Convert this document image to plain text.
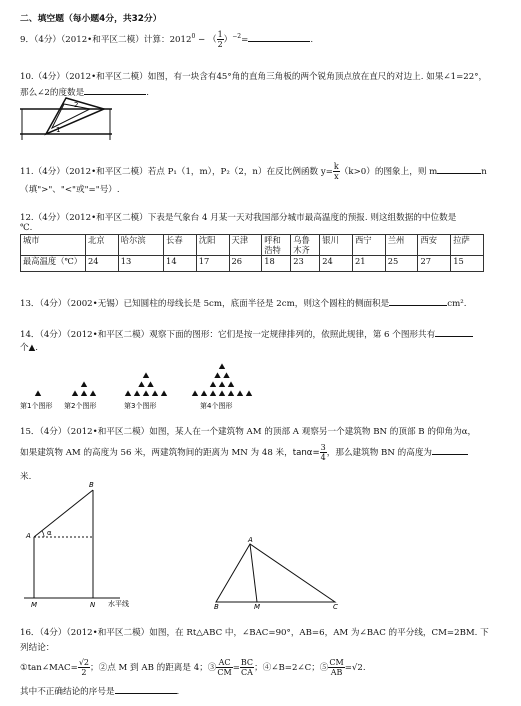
二、填空题（每小题4分，共32分）
9．（4分）（2012•和平区二模）计算：$2012^0$ − （ $\frac{1}{2} )^{-2}=$	.
10.（4分）（2012•和平区二模）如图，有一块含有45°角的直角三角板的两个锐角顶点放在直尺的对边上. 如果∠1=22°，
那么∠2的度数是	.
2
1
11.（4分）（2012•和平区二模）若点 P₁（1，m），P₂（2，n）在反比例函数 $y= \frac{k}{x} (k>0)$的图象上，则 m	n
（填">"、"<"或"="号）.
12.（4分）（2012•和平区二模）下表是气象台 4 月某一天对我国部分城市最高温度的预报. 则这组数据的中位数是
℃.
城市	北京	哈尔滨	长春	沈阳	天津	呼和浩特	乌鲁木齐	银川	西宁	兰州	西安	拉萨
最高温度（℃）	24	13	14	17	26	18	23	24	21	25	27	15
13．（4分）（2002•无锡）已知圆柱的母线长是 5cm，底面半径是 2cm，则这个圆柱的侧面积是	cm².
14．（4分）（2012•和平区二模）观察下面的图形：它们是按一定规律排列的，依照此规律，第 6 个图形共有
个▲.
第1个图形 第2个图形	第3个图形	第4个图形
15．（4分）（2012•和平区二模）如图，某人在一个建筑物 AM 的顶部 A 观察另一个建筑物 BN 的顶部 B 的仰角为α，
如果建筑物 AM 的高度为 56 米，两建筑物间的距离为 MN 为 48 米，$\tan\alpha= \frac{3}{4}$ ，那么建筑物 BN 的高度为
米.
B
A α
M	N 水平线
A
B	M	C
16．（4分）（2012•和平区二模）如图，在 Rt△ABC 中，∠BAC=90°，AB=6，AM 为∠BAC 的平分线，CM=2BM. 下
列结论：
①tan∠MAC= $\frac{√2}{2}$ ；②点 M 到 AB 的距离是 4；③ $\frac{AC}{CM} = \frac{BC}{CA}$ ；④∠B=2∠C；⑤ $\frac{CM}{AB} =√2$.
其中不正确结论的序号是	.
